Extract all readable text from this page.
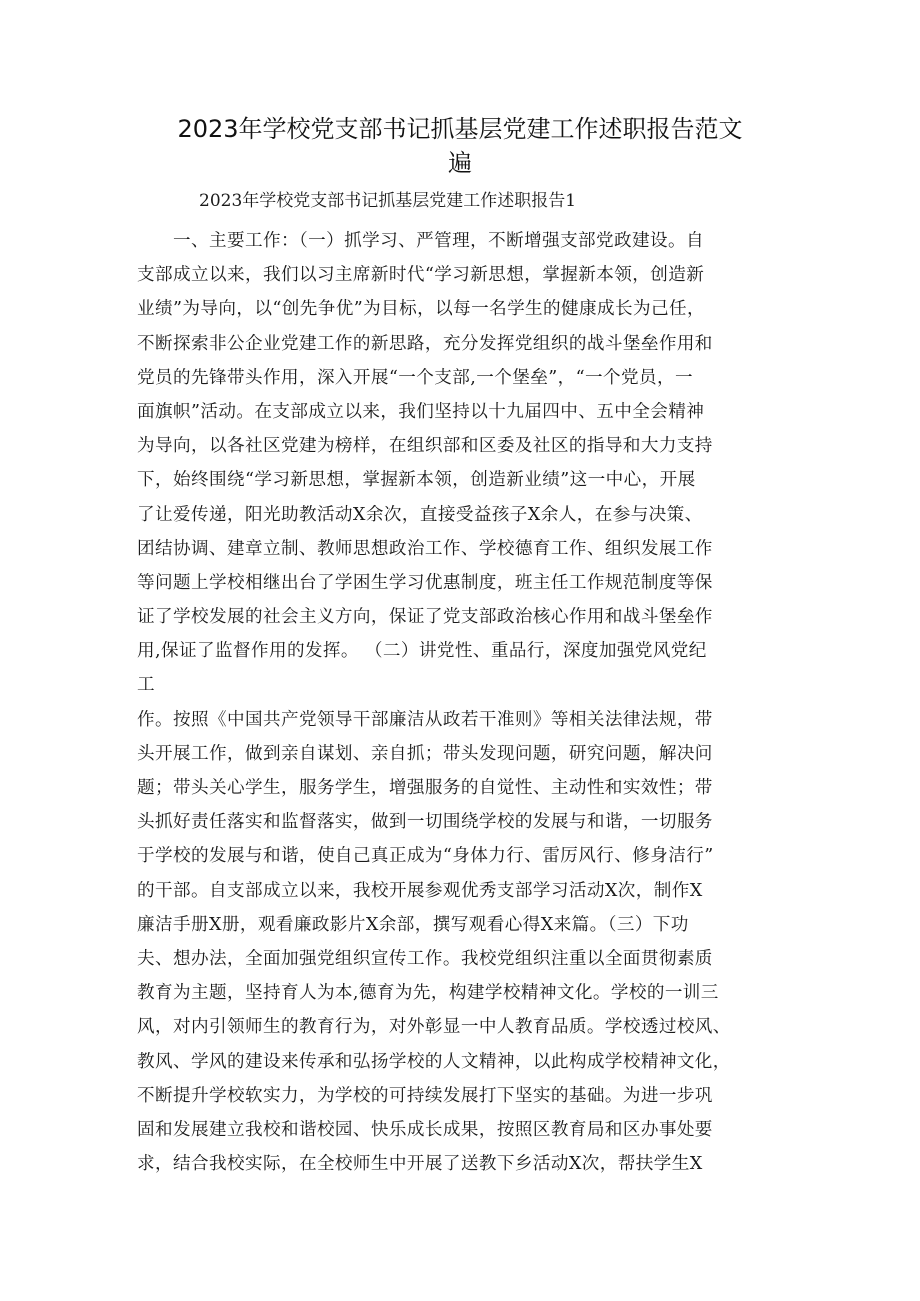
2023年学校党支部书记抓基层党建工作述职报告范文
遍

2023年学校党支部书记抓基层党建工作述职报告1

一、主要工作：（一）抓学习、严管理，不断增强支部党政建设。自

支部成立以来，我们以习主席新时代“学习新思想，掌握新本领，创造新

业绩”为导向，以“创先争优”为目标，以每一名学生的健康成长为己任，

不断探索非公企业党建工作的新思路，充分发挥党组织的战斗堡垒作用和

党员的先锋带头作用，深入开展“一个支部,一个堡垒”，“一个党员，一

面旗帜”活动。在支部成立以来，我们坚持以十九届四中、五中全会精神

为导向，以各社区党建为榜样，在组织部和区委及社区的指导和大力支持

下，始终围绕“学习新思想，掌握新本领，创造新业绩”这一中心，开展

了让爱传递，阳光助教活动X余次，直接受益孩子X余人，在参与决策、

团结协调、建章立制、教师思想政治工作、学校德育工作、组织发展工作

等问题上学校相继出台了学困生学习优惠制度，班主任工作规范制度等保

证了学校发展的社会主义方向，保证了党支部政治核心作用和战斗堡垒作

用,保证了监督作用的发挥。 （二）讲党性、重品行，深度加强党风党纪

工

作。按照《中国共产党领导干部廉洁从政若干准则》等相关法律法规，带

头开展工作，做到亲自谋划、亲自抓；带头发现问题，研究问题，解决问

题；带头关心学生，服务学生，增强服务的自觉性、主动性和实效性；带

头抓好责任落实和监督落实，做到一切围绕学校的发展与和谐，一切服务

于学校的发展与和谐，使自己真正成为“身体力行、雷厉风行、修身洁行”

的干部。自支部成立以来，我校开展参观优秀支部学习活动X次，制作X

廉洁手册X册，观看廉政影片X余部，撰写观看心得X来篇。（三）下功

夫、想办法，全面加强党组织宣传工作。我校党组织注重以全面贯彻素质

教育为主题，坚持育人为本,德育为先，构建学校精神文化。学校的一训三

风，对内引领师生的教育行为，对外彰显一中人教育品质。学校透过校风、

教风、学风的建设来传承和弘扬学校的人文精神，以此构成学校精神文化，

不断提升学校软实力，为学校的可持续发展打下坚实的基础。为进一步巩

固和发展建立我校和谐校园、快乐成长成果，按照区教育局和区办事处要

求，结合我校实际，在全校师生中开展了送教下乡活动X次，帮扶学生X
